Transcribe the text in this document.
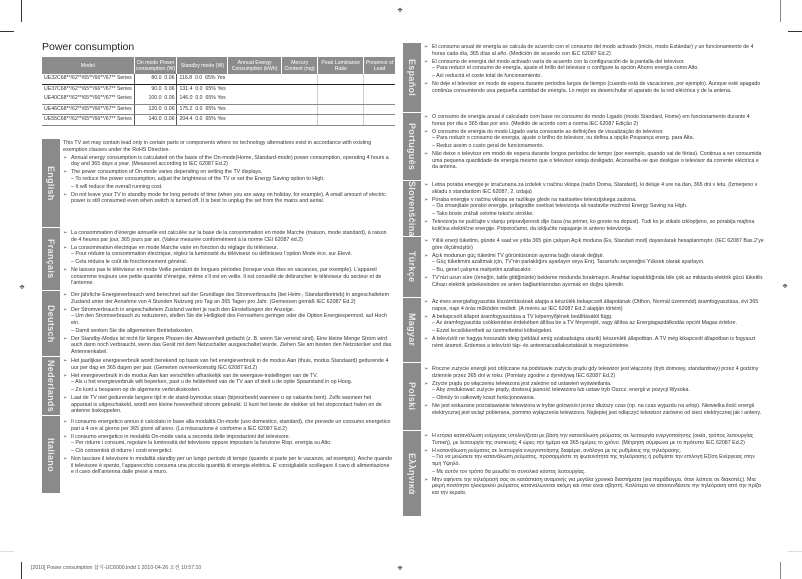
⌖
⌖	⌖
⌖
Power consumption
Model	On mode Power consumption (W)	Standby mode (W)	Annual Energy Consumption (kWh)	Mecury Content (mg)	Peak Luminance Ratio	Presence of Lead
UE32C68**/62**/65**/66**/67** Series	80.0 0.06	116.8 0.0 65% Yes				
UE37C68**/62**/65**/66**/67** Series	90.0 0.06	131.4 0.0 65% Yes				
UE40C68**/62**/65**/66**/67** Series	100.0 0.06	146.0 0.0 65% Yes				
UE46C68**/62**/65**/66**/67** Series	120.0 0.06	175.2 0.0 65% Yes				
UE55C68**/62**/65**/66**/67** Series	140.0 0.06	204.4 0.0 65% Yes				
English
Français
Deutsch
Nederlands
Italiano
This TV set may contain lead only in certain parts or components where no technology alternatives exist in accordance with existing exemption clauses under the RoHS Directive.
➢ Annual energy consumption is calculated on the basis of the On-mode(Home, Standard-mode) power consumption, operating 4 hours a day and 365 days a year. (Measured according to IEC 62087 Ed.2)
➢ The power consumption of On-mode varies depending on setting the TV displays.
– To reduce the power consumption, adjust the brightness of the TV or set the Energy Saving option to High.
– It will reduce the overall running cost.
➢ Do not leave your TV in standby mode for long periods of time (when you are away on holiday, for example). A small amount of electric power is still consumed even when switch is turned off. It is best to unplug the set from the mains and aerial.
➢ La consommation d’énergie annuelle est calculée sur la base de la consommation en mode Marche (maison, mode standard), à raison de 4 heures par jour, 365 jours par an. (Valeur mesurée conformément à la norme CEI 62087 éd.2)
➢ La consommation électrique en mode Marche varie en fonction du réglage du téléviseur.
– Pour réduire la consommation électrique, réglez la luminosité du téléviseur ou définissez l’option Mode éco. sur Elevé.
– Cela réduira le coût de fonctionnement général.
➢ Ne laissez pas le téléviseur en mode Veille pendant de longues périodes (lorsque vous êtes en vacances, par exemple). L’appareil consomme toujours une petite quantité d’énergie, même s’il est en veille. Il est conseillé de débrancher le téléviseur du secteur et de l’antenne.
➢ Der jährliche Energieverbrauch wird berechnet auf der Grundlage des Stromverbrauchs (bei Heim-, Standardbetrieb) in angeschaltetem Zustand unter der Annahme von 4 Stunden Nutzung pro Tag an 365 Tagen pro Jahr. (Gemessen gemäß IEC 62087 Ed.2)
➢ Der Stromverbrauch in angeschaltetem Zustand variiert je nach den Einstellungen der Anzeige.
– Um den Stromverbrauch zu reduzieren, stellen Sie die Helligkeit des Fernsehers geringer oder die Option Energiespermod. auf Hoch ein.
– Damit senken Sie die allgemeinen Betriebskosten.
➢ Der Standby-Modus ist nicht für längere Phasen der Abwesenheit gedacht (z. B. wenn Sie verreist sind). Eine kleine Menge Strom wird auch dann noch verbraucht, wenn das Gerät mit dem Netzschalter ausgeschaltet wurde. Ziehen Sie am besten den Netzstecker und das Antennenkabel.
➢ Het jaarlijkse energieverbruik wordt berekend op basis van het energieverbruik in de modus Aan (thuis, modus Standaard) gedurende 4 uur per dag en 365 dagen per jaar. (Gemeten overeenkomstig IEC 62087 Ed.2)
➢ Het energieverbruik in de modus Aan kan verschillen afhankelijk van de weergave-instellingen van de TV.
– Als u het energieverbruik wilt beperken, past u de helderheid van de TV aan of stelt u de optie Spaarstand in op Hoog.
– Zo kunt u besparen op de algemene verbruikskosten.
➢ Laat de TV niet gedurende langere tijd in de stand-bymodus staan (bijvoorbeeld wanneer u op vakantie bent). Zelfs wanneer het apparaat is uitgeschakeld, wordt een kleine hoeveelheid stroom gebruikt. U kunt het beste de stekker uit het stopcontact halen en de antenne loskoppelen.
➢ Il consumo energetico annuo è calcolato in base alla modalità On-mode (uso domestico, standard), che prevede un consumo energetico pari a 4 ore al giorno per 365 giorni all’anno. (La misurazione è conforme a IEC 62087 Ed.2)
➢ Il consumo energetico in modalità On-mode varia a seconda delle impostazioni del televisore.
– Per ridurre i consumi, regolare la luminosità del televisore oppure impostare la funzione Risp. energia su Alto.
– Ciò consentirà di ridurre i costi energetici.
➢ Non lasciare il televisore in modalità standby per un lungo periodo di tempo (quando si parte per le vacanze, ad esempio). Anche quando il televisore è spento, l’apparecchio consuma una piccola quantità di energia elettrica. E’ consigliabile scollegare il cavo di alimentazione e il cavo dell’antenna dalle prese a muro.
Español
Português
Slovenščina
Türkçe
Magyar
Polski
Ελληνικά
➢ El consumo anual de energía se calcula de acuerdo con el consumo del modo activado (inicio, modo Estándar) y un funcionamiento de 4 horas cada día, 365 días al año. (Medición de acuerdo con IEC 62087 Ed.2)
➢ El consumo de energía del modo activado varía de acuerdo con la configuración de la pantalla del televisor.
– Para reducir el consumo de energía, ajuste el brillo del televisor o configure la opción Ahorro energía como Alto.
– Así reducirá el coste total de funcionamiento.
➢ No deje el televisor en modo de espera durante periodos largos de tiempo (cuando está de vacaciones, por ejemplo). Aunque esté apagado continúa consumiendo una pequeña cantidad de energía. Lo mejor es desenchufar el aparato de la red eléctrica y de la antena.
➢ O consumo de energia anual é calculado com base no consumo do modo Ligado (modo Standard, Home) em funcionamento durante 4 horas por dia e 365 dias por ano. (Medido de acordo com a norma IEC 62087 Edição 2)
➢ O consumo de energia do modo Ligado varia consoante as definições de visualização do televisor.
– Para reduzir o consumo de energia, ajuste o brilho do televisor, ou defina a opção Poupança energ. para Alta.
– Reduz assim o custo geral de funcionamento.
➢ Não deixe o televisor em modo de espera durante longos períodos de tempo (por exemplo, quando vai de férias). Continua a ser consumida uma pequena quantidade de energia mesmo que o televisor esteja desligado. Aconselha-se que desligue o televisor da corrente eléctrica e da antena.
➢ Letna poraba energije je izračunana za izdelek v načinu vklopa (način Doma, Standard), ki deluje 4 ure na dan, 365 dni v letu. (Izmerjeno v skladu s standardom IEC 62087, 2. izdaja)
➢ Poraba energije v načinu vklopa se razlikuje glede na nastavitev televizijskega zaslona.
– Da zmanjšate porabo energije, prilagodite svetlost televizorja ali nastavite možnost Energy Saving na High.
– Tako boste znižali celotne tekoče stroške.
➢ Televizorja ne puščajte v stanju pripravljenosti dlje časa (na primer, ko greste na dopust). Tudi ko je stikalo izklopljeno, se porablja majhna količina električne energije. Priporočamo, da izključite napajanje in anteno televizorja.
➢ Yıllık enerji tüketimi, günde 4 saat ve yılda 365 gün çalışan Açık moduna (Ev, Standart mod) dayanılarak hesaplanmıştır. (IEC 62087 Bas.2’ye göre ölçülmüştür)
➢ Açık modunun güç tüketimi TV görüntüsünün ayarına bağlı olarak değişir.
– Güç tüketimini azaltmak için, TV’nin parlaklığını ayarlayın veya Enrj. Tasarrufu seçeneğini Yüksek olarak ayarlayın.
– Bu, genel çalışma maliyetini azaltacaktır.
➢ TV’nizi uzun süre (örneğin, tatile gittiğinizde) bekleme modunda bırakmayın. Anahtar kapatıldığında bile çok az miktarda elektrik gücü tüketilir. Cihazı elektrik şebekesinden ve anten bağlantılarından ayırmak en doğru işlemdir.
➢ Az éves energiafogyasztás kiszámításának alapja a készülék bekapcsolt állapotának (Otthon, Normál üzemmód) áramfogyasztása, évi 365 napos, napi 4 órás működés mellett. (A mérés az IEC 62087 Ed.2 alapján történt)
➢ A bekapcsolt állapot áramfogyasztása a TV képernyőjének beállításától függ.
– Az áramfogyasztás csökkentése érdekében állítsa be a TV fényerejét, vagy állítsa az Energiagazdálkodás opciót Magas értékre.
– Ezzel lecsökkentheti az üzemeltetési költségeket.
➢ A televíziót ne hagyja hosszabb ideig (például amíg szabadságra utazik) készenléti állapotban. A TV még kikapcsolt állapotban is fogyaszt némi áramot. Érdemes a televízió táp- és antennacsatlakoztatását is megszüntetnie.
➢ Roczne zużycie energii jest obliczane na podstawie zużycia prądu gdy telewizor jest włączony (tryb domowy, standardowy) przez 4 godziny dziennie przez 365 dni w roku. (Pomiary zgodne z dyrektywą IEC 62087 Ed.2)
➢ Zżycie prądu po włączeniu telewizora jest zależne od ustawień wyświetlania.
– Aby zredukować zużycie prądy, dostosuj jasność telewizora lub ustaw tryb Oszcz. energii w pozycji Wysoka.
– Obniży to całkowity koszt funkcjonowania.
➢ Nie jest wskazane pozostawianie telewizora w trybie gotowości przez dłuższy czas (np. na czas wyjazdu na urlop). Niewielka ilość energii elektrycznej jest wciąż pobierana, pomimo wyłączenia telewizora. Najlepiej jest odłączyć telewizor zarówno od sieci elektrycznej jak i anteny.
➢ Η ετήσια κατανάλωση ενέργειας υπολογίζεται με βάση την κατανάλωση ρεύματος σε λειτουργία ενεργοποίησης (οικία, τρόπος λειτουργίας Τυπική), με λειτουργία της συσκευής 4 ώρες την ημέρα και 365 ημέρες το χρόνο. (Μέτρηση σύμφωνα με το πρότυπο IEC 62087 Ed.2)
➢ Η κατανάλωση ρεύματος σε λειτουργία ενεργοποίησης διαφέρει, ανάλογα με τις ρυθμίσεις της τηλεόρασης.
– Για να μειώσετε την κατανάλωση ρεύματος, προσαρμόστε τη φωτεινότητα της τηλεόρασης ή ρυθμίστε την επιλογή Εξ/ση Ενέργειας στην τιμή Υψηλό.
– Με αυτόν τον τρόπο θα μειωθεί το συνολικό κόστος λειτουργίας.
➢ Μην αφήνετε την τηλεόρασή σας σε κατάσταση αναμονής για μεγάλα χρονικά διαστήματα (για παράδειγμα, όταν λείπετε σε διακοπές). Μια μικρή ποσότητα ηλεκτρικού ρεύματος καταναλώνεται ακόμη και όταν είναι σβηστή. Καλύτερα να αποσυνδέσετε την τηλεόραση από την πρίζα και την κεραία.
[2010] Power consumption 삽지-UC6000.indd 1 2010-04-26 오전 10:57:10
